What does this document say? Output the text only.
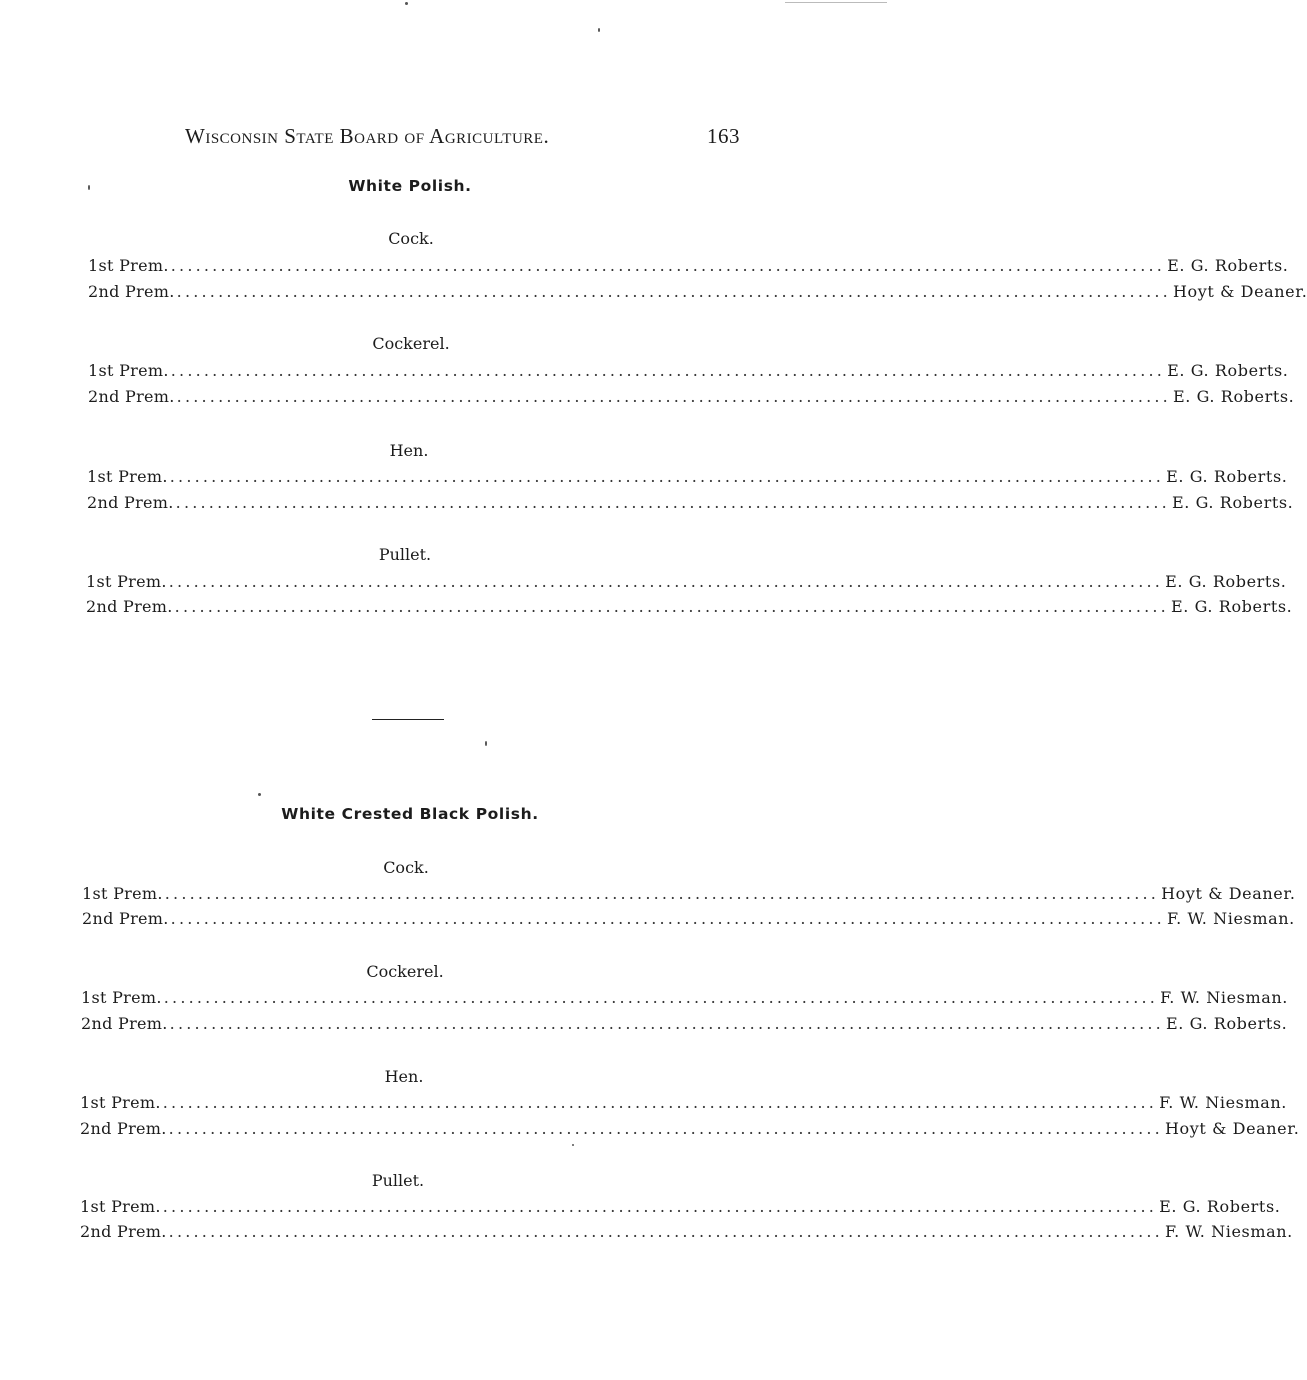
Wisconsin State Board of Agriculture.	163
White Polish.
Cock.
1st Prem. ........................................................................................................................ E. G. Roberts.
2nd Prem. ........................................................................................................................ Hoyt & Deaner.
Cockerel.
1st Prem. ........................................................................................................................ E. G. Roberts.
2nd Prem. ........................................................................................................................ E. G. Roberts.
Hen.
1st Prem. ........................................................................................................................ E. G. Roberts.
2nd Prem. ........................................................................................................................ E. G. Roberts.
Pullet.
1st Prem. ........................................................................................................................ E. G. Roberts.
2nd Prem. ........................................................................................................................ E. G. Roberts.
White Crested Black Polish.
Cock.
1st Prem. ........................................................................................................................ Hoyt & Deaner.
2nd Prem. ........................................................................................................................ F. W. Niesman.
Cockerel.
1st Prem. ........................................................................................................................ F. W. Niesman.
2nd Prem. ........................................................................................................................ E. G. Roberts.
Hen.
1st Prem. ........................................................................................................................ F. W. Niesman.
2nd Prem. ........................................................................................................................ Hoyt & Deaner.
Pullet.
1st Prem. ........................................................................................................................ E. G. Roberts.
2nd Prem. ........................................................................................................................ F. W. Niesman.
